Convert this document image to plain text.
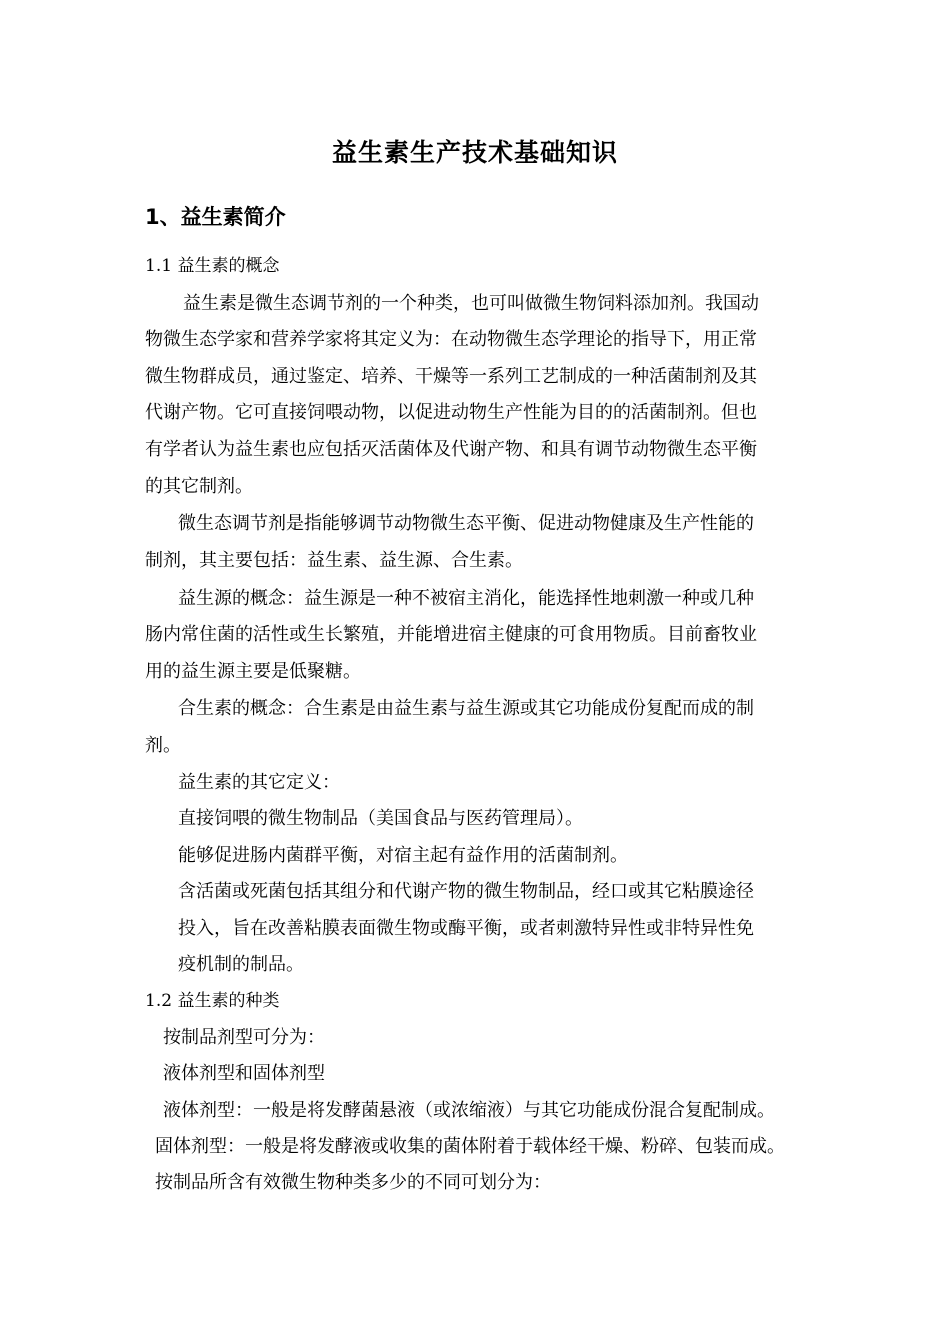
益生素生产技术基础知识
1、益生素简介
1.1 益生素的概念
益生素是微生态调节剂的一个种类，也可叫做微生物饲料添加剂。我国动
物微生态学家和营养学家将其定义为：在动物微生态学理论的指导下，用正常
微生物群成员，通过鉴定、培养、干燥等一系列工艺制成的一种活菌制剂及其
代谢产物。它可直接饲喂动物，以促进动物生产性能为目的的活菌制剂。但也
有学者认为益生素也应包括灭活菌体及代谢产物、和具有调节动物微生态平衡
的其它制剂。
微生态调节剂是指能够调节动物微生态平衡、促进动物健康及生产性能的
制剂，其主要包括：益生素、益生源、合生素。
益生源的概念：益生源是一种不被宿主消化，能选择性地刺激一种或几种
肠内常住菌的活性或生长繁殖，并能增进宿主健康的可食用物质。目前畜牧业
用的益生源主要是低聚糖。
合生素的概念：合生素是由益生素与益生源或其它功能成份复配而成的制
剂。
益生素的其它定义：
直接饲喂的微生物制品（美国食品与医药管理局）。
能够促进肠内菌群平衡，对宿主起有益作用的活菌制剂。
含活菌或死菌包括其组分和代谢产物的微生物制品，经口或其它粘膜途径
投入，旨在改善粘膜表面微生物或酶平衡，或者刺激特异性或非特异性免
疫机制的制品。
1.2 益生素的种类
按制品剂型可分为：
液体剂型和固体剂型
液体剂型：一般是将发酵菌悬液（或浓缩液）与其它功能成份混合复配制成。
固体剂型：一般是将发酵液或收集的菌体附着于载体经干燥、粉碎、包装而成。
按制品所含有效微生物种类多少的不同可划分为：
